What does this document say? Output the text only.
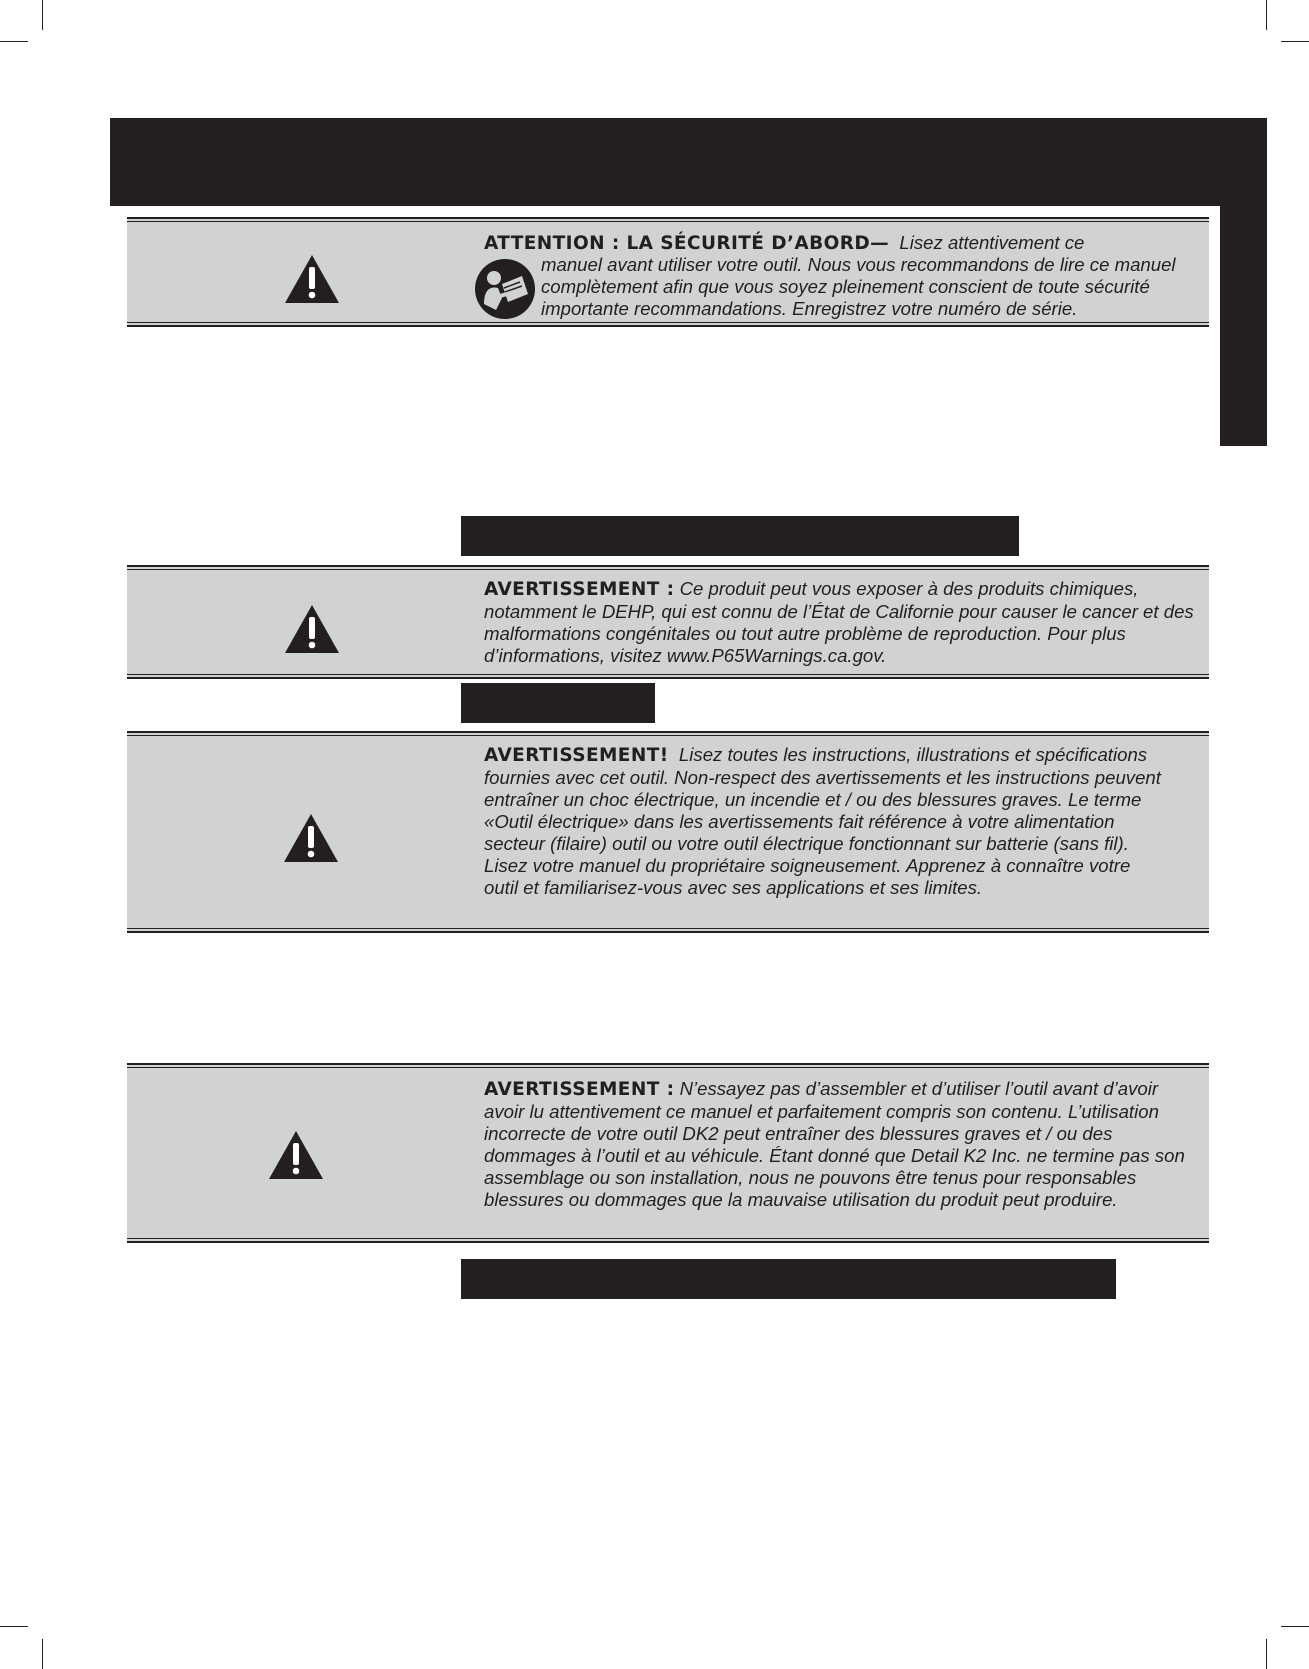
ATTENTION : LA SÉCURITÉ D’ABORD— Lisez attentivement ce
manuel avant utiliser votre outil. Nous vous recommandons de lire ce manuel complètement afin que vous soyez pleinement conscient de toute sécurité importante recommandations. Enregistrez votre numéro de série.
AVERTISSEMENT : Ce produit peut vous exposer à des produits chimiques, notamment le DEHP, qui est connu de l’État de Californie pour causer le cancer et des malformations congénitales ou tout autre problème de reproduction. Pour plus d’informations, visitez www.P65Warnings.ca.gov.
AVERTISSEMENT! Lisez toutes les instructions, illustrations et spécifications fournies avec cet outil. Non-respect des avertissements et les instructions peuvent entraîner un choc électrique, un incendie et / ou des blessures graves. Le terme «Outil électrique» dans les avertissements fait référence à votre alimentation secteur (filaire) outil ou votre outil électrique fonctionnant sur batterie (sans fil). Lisez votre manuel du propriétaire soigneusement. Apprenez à connaître votre outil et familiarisez-vous avec ses applications et ses limites.
AVERTISSEMENT : N’essayez pas d’assembler et d’utiliser l’outil avant d’avoir avoir lu attentivement ce manuel et parfaitement compris son contenu. L’utilisation incorrecte de votre outil DK2 peut entraîner des blessures graves et / ou des dommages à l’outil et au véhicule. Étant donné que Detail K2 Inc. ne termine pas son assemblage ou son installation, nous ne pouvons être tenus pour responsables blessures ou dommages que la mauvaise utilisation du produit peut produire.
